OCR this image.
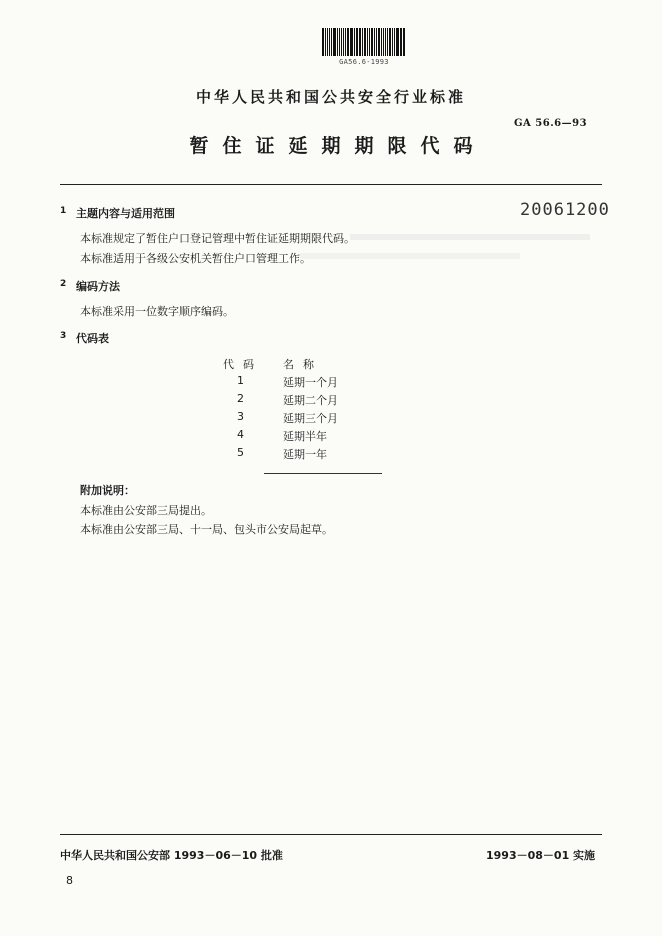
GA56.6-1993
中华人民共和国公共安全行业标准
GA 56.6—93
暂住证延期期限代码
20061200
1 主题内容与适用范围
本标准规定了暂住户口登记管理中暂住证延期期限代码。
本标准适用于各级公安机关暂住户口管理工作。
2 编码方法
本标准采用一位数字顺序编码。
3 代码表
代码 名称
1	延期一个月
2	延期二个月
3	延期三个月
4	延期半年
5	延期一年
附加说明：
本标准由公安部三局提出。
本标准由公安部三局、十一局、包头市公安局起草。
中华人民共和国公安部 1993－06－10 批准	1993－08－01 实施
8
